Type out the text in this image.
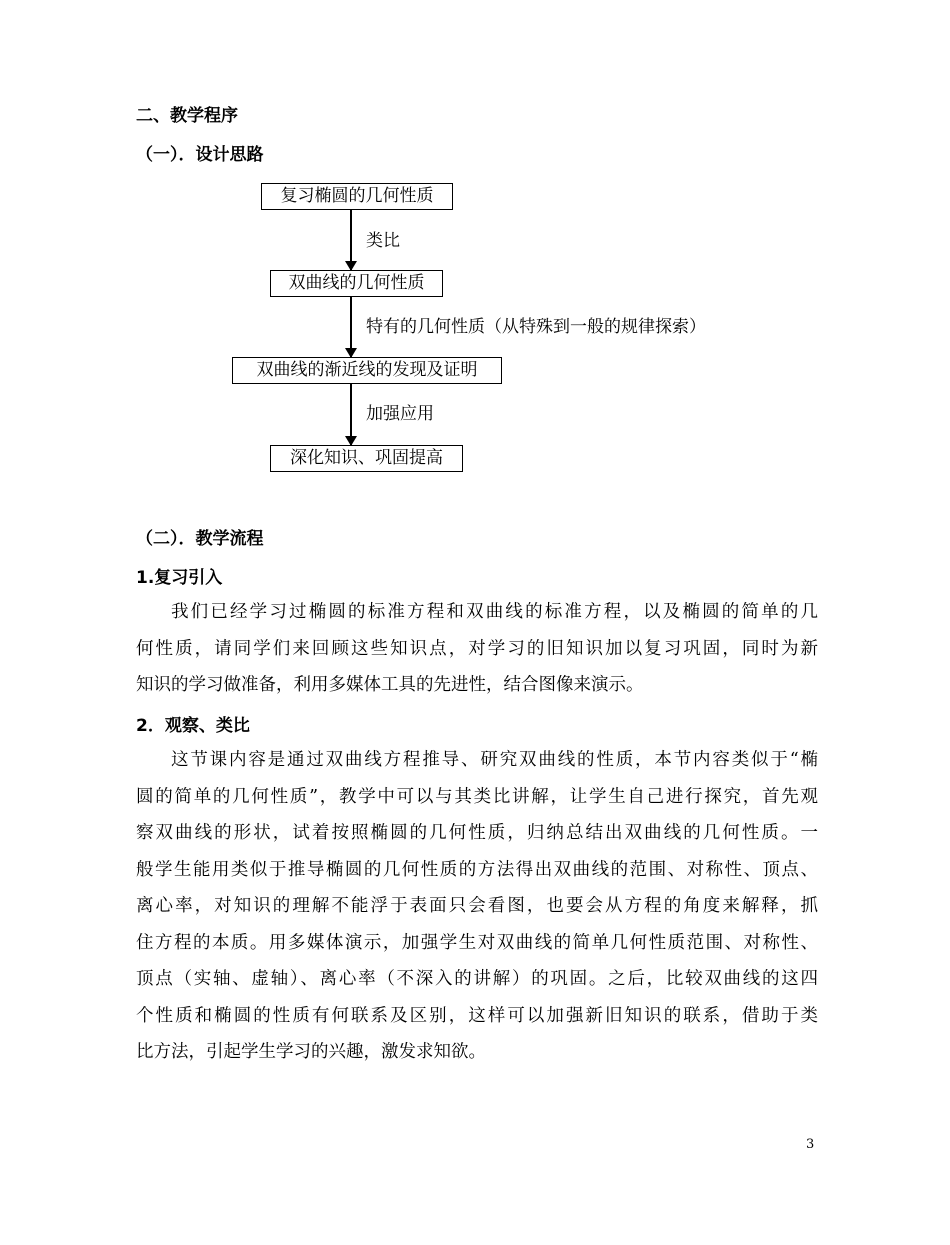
二、教学程序
（一）．设计思路
复习椭圆的几何性质
类比
双曲线的几何性质
特有的几何性质（从特殊到一般的规律探索）
双曲线的渐近线的发现及证明
加强应用
深化知识、巩固提高
（二）．教学流程
1.复习引入

我们已经学习过椭圆的标准方程和双曲线的标准方程，以及椭圆的简单的几

何性质，请同学们来回顾这些知识点，对学习的旧知识加以复习巩固，同时为新

知识的学习做准备，利用多媒体工具的先进性，结合图像来演示。

2．观察、类比

这节课内容是通过双曲线方程推导、研究双曲线的性质，本节内容类似于“椭

圆的简单的几何性质”，教学中可以与其类比讲解，让学生自己进行探究，首先观

察双曲线的形状，试着按照椭圆的几何性质，归纳总结出双曲线的几何性质。一

般学生能用类似于推导椭圆的几何性质的方法得出双曲线的范围、对称性、顶点、

离心率，对知识的理解不能浮于表面只会看图，也要会从方程的角度来解释，抓

住方程的本质。用多媒体演示，加强学生对双曲线的简单几何性质范围、对称性、

顶点（实轴、虚轴）、离心率（不深入的讲解）的巩固。之后，比较双曲线的这四

个性质和椭圆的性质有何联系及区别，这样可以加强新旧知识的联系，借助于类

比方法，引起学生学习的兴趣，激发求知欲。

3
